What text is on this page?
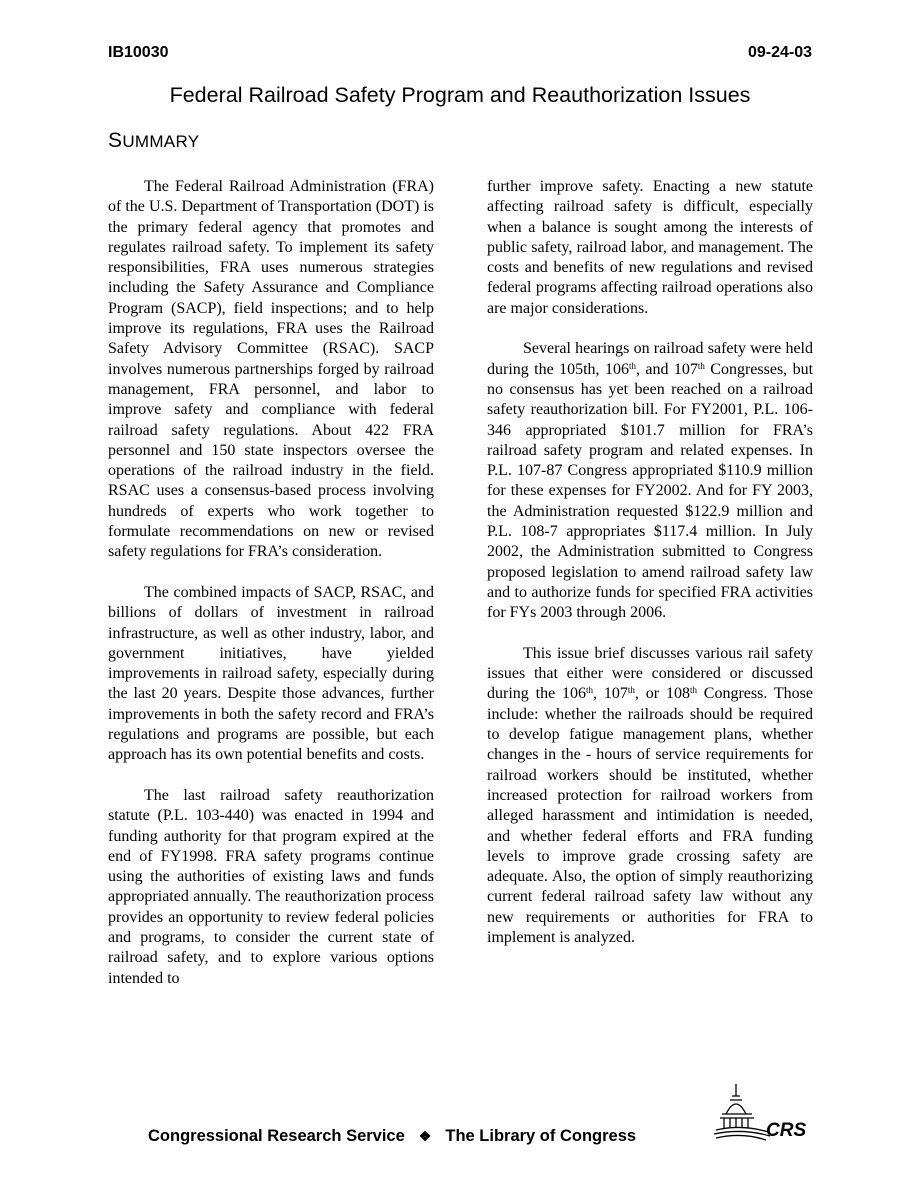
IB10030	09-24-03
Federal Railroad Safety Program and Reauthorization Issues
SUMMARY

The Federal Railroad Administration (FRA) of the U.S. Department of Transportation (DOT) is the primary federal agency that promotes and regulates railroad safety. To implement its safety responsibilities, FRA uses numerous strategies including the Safety Assurance and Compliance Program (SACP), field inspections; and to help improve its regulations, FRA uses the Railroad Safety Advisory Committee (RSAC). SACP involves numerous partnerships forged by railroad management, FRA personnel, and labor to improve safety and compliance with federal railroad safety regulations. About 422 FRA personnel and 150 state inspectors oversee the operations of the railroad industry in the field. RSAC uses a consensus-based process involving hundreds of experts who work together to formulate recommendations on new or revised safety regulations for FRA’s consideration.

The combined impacts of SACP, RSAC, and billions of dollars of investment in railroad infrastructure, as well as other industry, labor, and government initiatives, have yielded improvements in railroad safety, especially during the last 20 years. Despite those advances, further improvements in both the safety record and FRA’s regulations and programs are possible, but each approach has its own potential benefits and costs.

The last railroad safety reauthorization statute (P.L. 103-440) was enacted in 1994 and funding authority for that program expired at the end of FY1998. FRA safety programs continue using the authorities of existing laws and funds appropriated annually. The reauthorization process provides an opportunity to review federal policies and programs, to consider the current state of railroad safety, and to explore various options intended to

further improve safety. Enacting a new statute affecting railroad safety is difficult, especially when a balance is sought among the interests of public safety, railroad labor, and management. The costs and benefits of new regulations and revised federal programs affecting railroad operations also are major considerations.

Several hearings on railroad safety were held during the 105th, 106th, and 107th Congresses, but no consensus has yet been reached on a railroad safety reauthorization bill. For FY2001, P.L. 106-346 appropriated $101.7 million for FRA’s railroad safety program and related expenses. In P.L. 107-87 Congress appropriated $110.9 million for these expenses for FY2002. And for FY 2003, the Administration requested $122.9 million and P.L. 108-7 appropriates $117.4 million. In July 2002, the Administration submitted to Congress proposed legislation to amend railroad safety law and to authorize funds for specified FRA activities for FYs 2003 through 2006.

This issue brief discusses various rail safety issues that either were considered or discussed during the 106th, 107th, or 108th Congress. Those include: whether the railroads should be required to develop fatigue management plans, whether changes in the - hours of service requirements for railroad workers should be instituted, whether increased protection for railroad workers from alleged harassment and intimidation is needed, and whether federal efforts and FRA funding levels to improve grade crossing safety are adequate. Also, the option of simply reauthorizing current federal railroad safety law without any new requirements or authorities for FRA to implement is analyzed.

Congressional Research Service ❖ The Library of Congress	CRS
